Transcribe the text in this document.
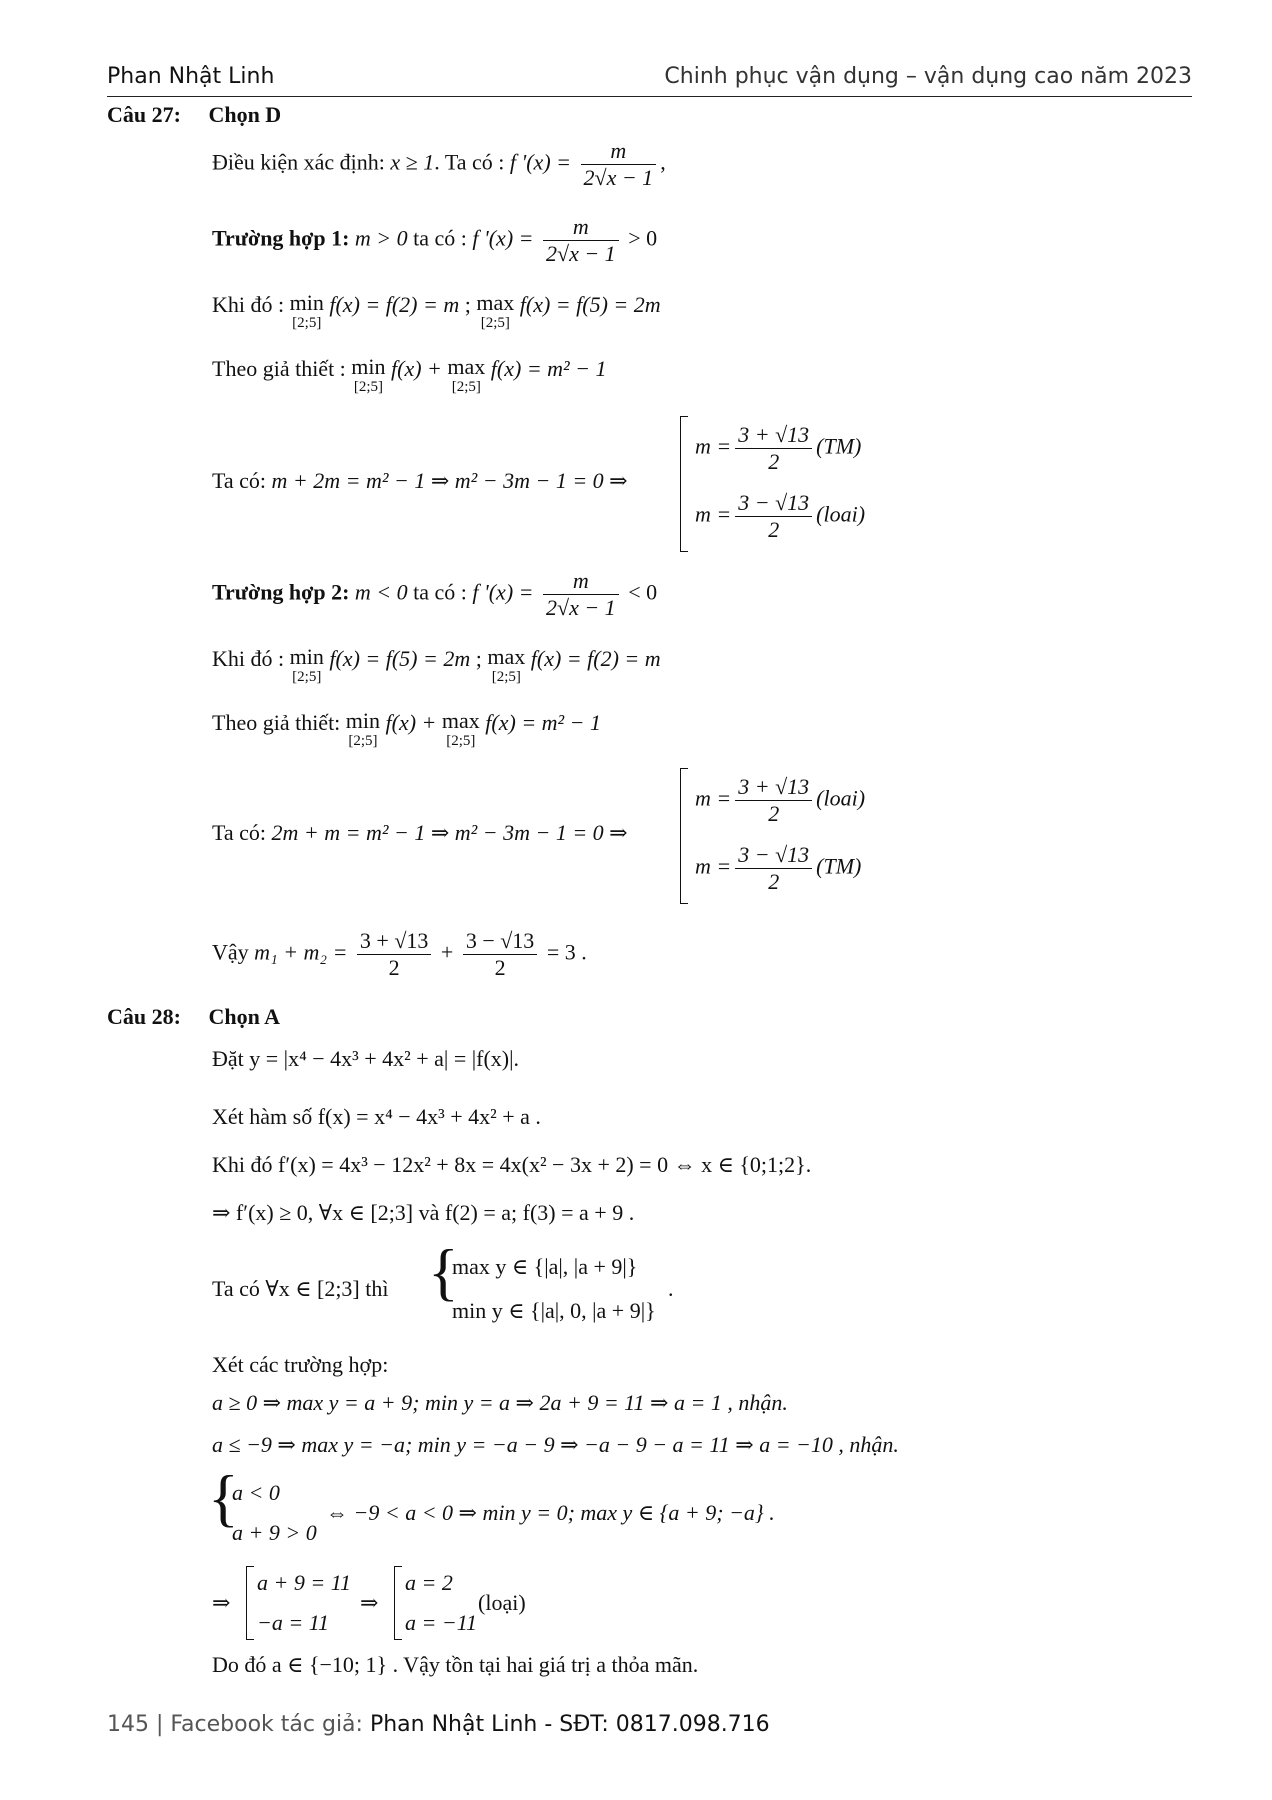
Phan Nhật Linh	Chinh phục vận dụng – vận dụng cao năm 2023
Câu 27: Chọn D
Điều kiện xác định: x ≥ 1. Ta có : f '$(x) = \frac{m}{2√x - 1}$ ,
Trường hợp 1: m > 0 ta có : f '$(x) = \frac{m}{2√x - 1} > 0$
Khi đó : min
[2;5]
f(x) = f(2) = m ; max
[2;5]
f(x) = f(5) = 2m
Theo giả thiết : min
[2;5]
f(x) + max
[2;5]
f(x) = m² − 1
Ta có: m + 2m = m² − 1 ⇒ m² − 3m − 1 = 0 ⇒
$m = \frac{3 + √13}{2} (TM)$
$m = \frac{3 - √13}{2}$ (loai)
Trường hợp 2: m < 0 ta có : f '$(x) = \frac{m}{2√x - 1} < 0$
Khi đó : min
[2;5]
f(x) = f(5) = 2m ; max
[2;5]
f(x) = f(2) = m
Theo giả thiết: min
[2;5]
f(x) + max
[2;5]
f(x) = m² − 1
Ta có: 2m + m = m² − 1 ⇒ m² − 3m − 1 = 0 ⇒
$m = \frac{3 + √13}{2}$ (loai)
$m = \frac{3 - √13}{2} (TM)$
Vậy $m_1 + m_2 = \frac{3 + √13}{2} + \frac{3 - √13}{2} = 3$ .
Câu 28: Chọn A
Đặt y = |x⁴ − 4x³ + 4x² + a| = |f(x)|.
Xét hàm số f(x) = x⁴ − 4x³ + 4x² + a .
Khi đó f′(x) = 4x³ − 12x² + 8x = 4x(x² − 3x + 2) = 0 ⇔ x ∈ {0;1;2}.
⇒ f′(x) ≥ 0, ∀x ∈ [2;3] và f(2) = a; f(3) = a + 9 .
Ta có ∀x ∈ [2;3] thì {
max y ∈ {|a|, |a + 9|}
min y ∈ {|a|, 0, |a + 9|}
.
Xét các trường hợp:
a ≥ 0 ⇒ max y = a + 9; min y = a ⇒ 2a + 9 = 11 ⇒ a = 1 , nhận.
a ≤ −9 ⇒ max y = −a; min y = −a − 9 ⇒ −a − 9 − a = 11 ⇒ a = −10 , nhận.
{
a < 0
a + 9 > 0
⇔ −9 < a < 0 ⇒ min y = 0; max y ∈ {a + 9; −a} .
⇒
a + 9 = 11
−a = 11
⇒
a = 2
a = −11
(loại)
Do đó a ∈ {−10; 1} . Vậy tồn tại hai giá trị a thỏa mãn.
145 | Facebook tác giả: Phan Nhật Linh - SĐT: 0817.098.716
